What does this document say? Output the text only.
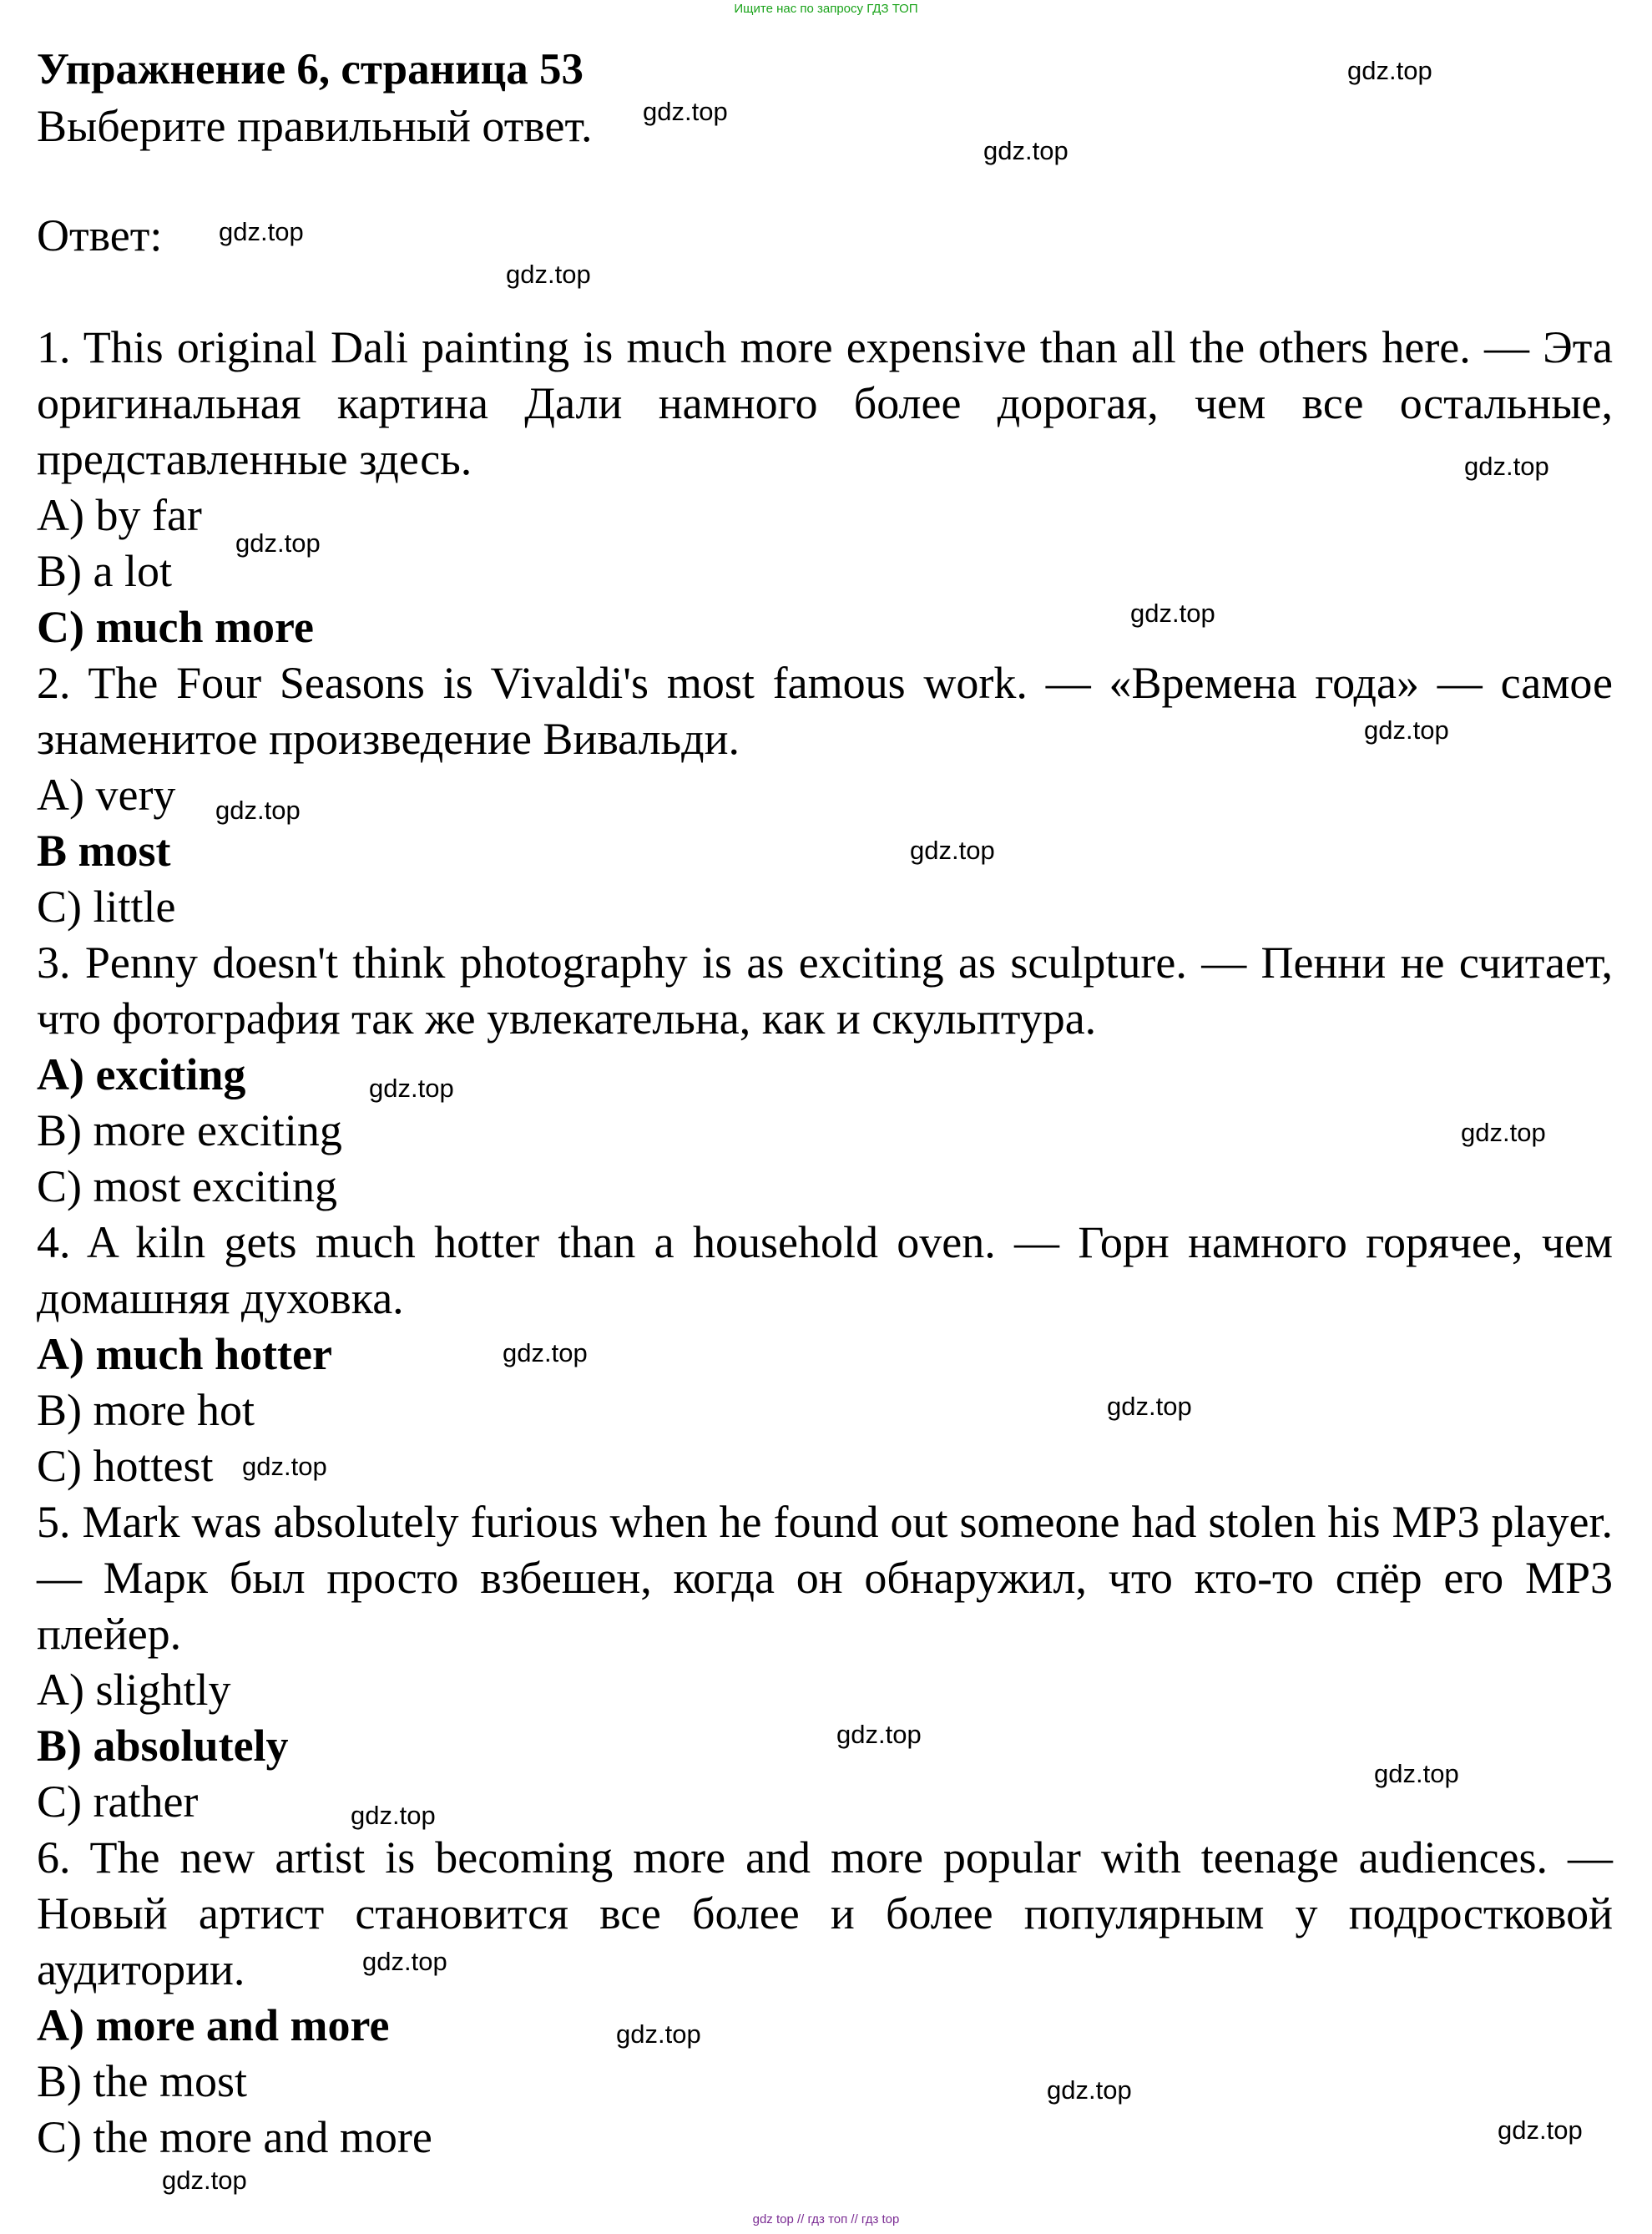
Ищите нас по запросу ГДЗ ТОП
Упражнение 6, страница 53
Выберите правильный ответ.
Ответ:
1. This original Dali painting is much more expensive than all the others here. — Эта оригинальная картина Дали намного более дорогая, чем все остальные, представленные здесь.
A) by far
B) a lot
C) much more
2. The Four Seasons is Vivaldi's most famous work. — «Времена года» — самое знаменитое произведение Вивальди.
A) very
B most
C) little
3. Penny doesn't think photography is as exciting as sculpture. — Пенни не считает, что фотография так же увлекательна, как и скульптура.
A) exciting
B) more exciting
C) most exciting
4. A kiln gets much hotter than a household oven. — Горн намного горячее, чем домашняя духовка.
A) much hotter
B) more hot
C) hottest
5. Mark was absolutely furious when he found out someone had stolen his MP3 player. — Марк был просто взбешен, когда он обнаружил, что кто-то спёр его MP3 плейер.
A) slightly
B) absolutely
C) rather
6. The new artist is becoming more and more popular with teenage audiences. — Новый артист становится все более и более популярным у подростковой аудитории.
A) more and more
B) the most
C) the more and more
gdz.top
gdz.top
gdz.top
gdz.top
gdz.top
gdz.top
gdz.top
gdz.top
gdz.top
gdz.top
gdz.top
gdz.top
gdz.top
gdz.top
gdz.top
gdz.top
gdz.top
gdz.top
gdz.top
gdz.top
gdz.top
gdz.top
gdz.top
gdz.top
gdz top // гдз топ // гдз top
